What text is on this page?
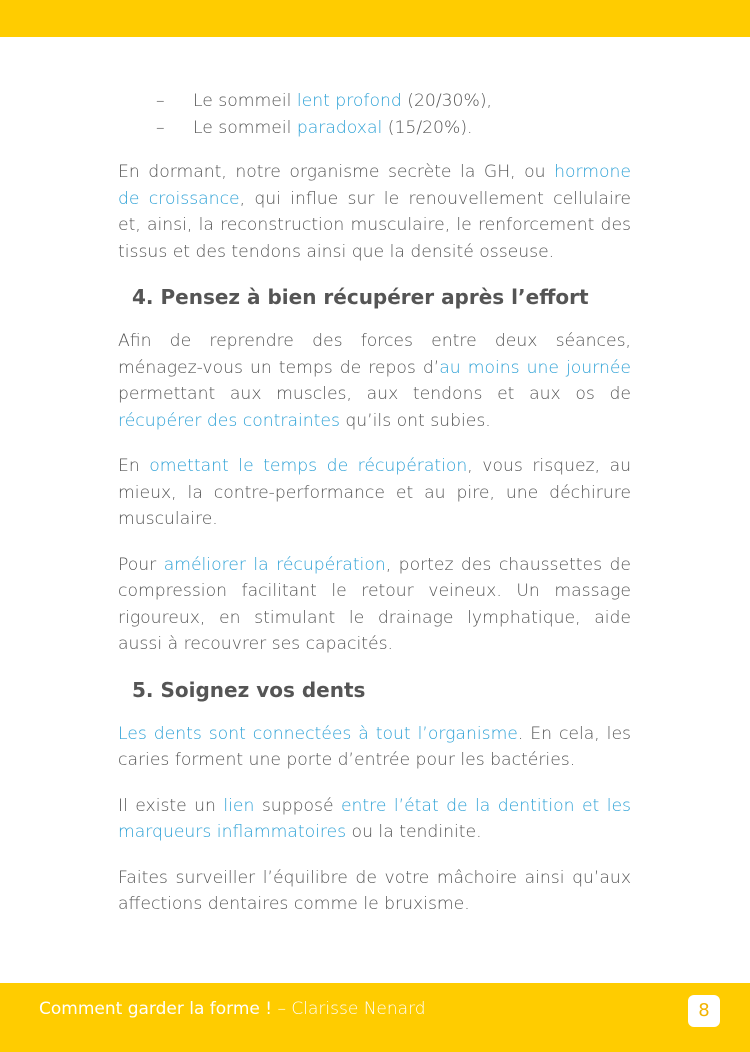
– Le sommeil lent profond (20/30%),
– Le sommeil paradoxal (15/20%).

En dormant, notre organisme secrète la GH, ou hormone de croissance, qui influe sur le renouvellement cellulaire et, ainsi, la reconstruction musculaire, le renforcement des tissus et des tendons ainsi que la densité osseuse.

4. Pensez à bien récupérer après l’effort

Afin de reprendre des forces entre deux séances, ménagez-vous un temps de repos d’au moins une journée permettant aux muscles, aux tendons et aux os de récupérer des contraintes qu’ils ont subies.

En omettant le temps de récupération, vous risquez, au mieux, la contre-performance et au pire, une déchirure musculaire.

Pour améliorer la récupération, portez des chaussettes de compression facilitant le retour veineux. Un massage rigoureux, en stimulant le drainage lymphatique, aide aussi à recouvrer ses capacités.

5. Soignez vos dents

Les dents sont connectées à tout l’organisme. En cela, les caries forment une porte d’entrée pour les bactéries.

Il existe un lien supposé entre l’état de la dentition et les marqueurs inflammatoires ou la tendinite.

Faites surveiller l’équilibre de votre mâchoire ainsi qu’aux affections dentaires comme le bruxisme.

Comment garder la forme ! – Clarisse Nenard	8
